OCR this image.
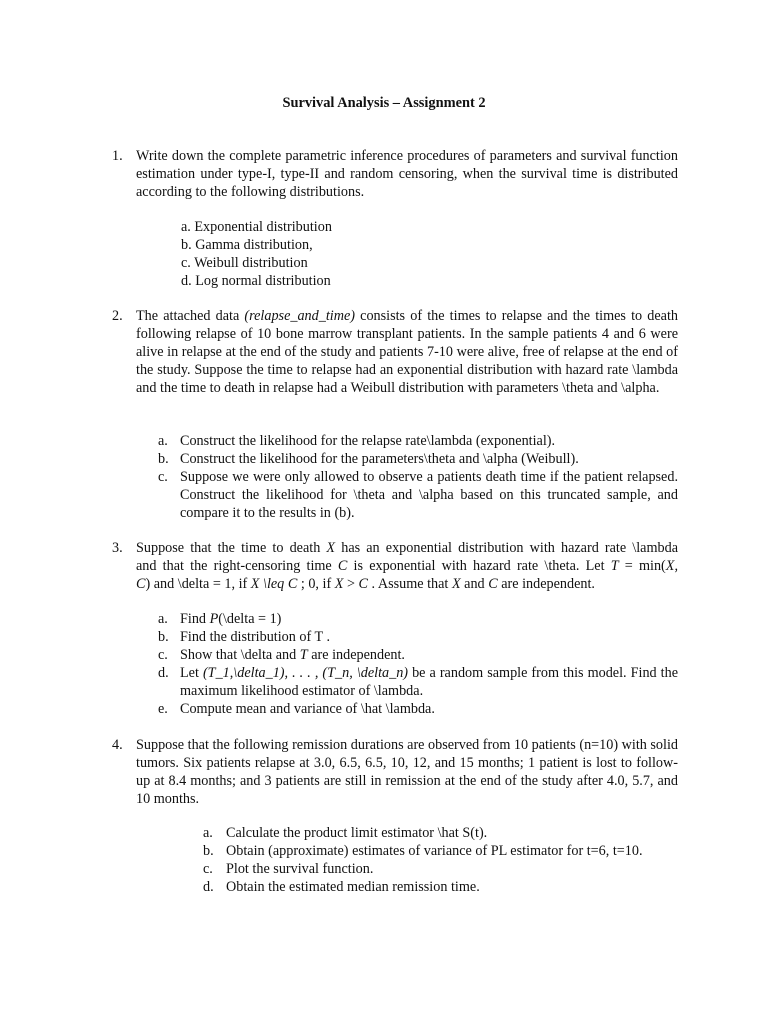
Survival Analysis – Assignment 2
1. Write down the complete parametric inference procedures of parameters and survival function estimation under type-I, type-II and random censoring, when the survival time is distributed according to the following distributions.
a. Exponential distribution
b. Gamma distribution,
c. Weibull distribution
d. Log normal distribution
2. The attached data (relapse_and_time) consists of the times to relapse and the times to death following relapse of 10 bone marrow transplant patients. In the sample patients 4 and 6 were alive in relapse at the end of the study and patients 7-10 were alive, free of relapse at the end of the study. Suppose the time to relapse had an exponential distribution with hazard rate \lambda and the time to death in relapse had a Weibull distribution with parameters \theta and \alpha.
a. Construct the likelihood for the relapse rate\lambda (exponential).
b. Construct the likelihood for the parameters\theta and \alpha (Weibull).
c. Suppose we were only allowed to observe a patients death time if the patient relapsed. Construct the likelihood for \theta and \alpha based on this truncated sample, and compare it to the results in (b).
3. Suppose that the time to death X has an exponential distribution with hazard rate \lambda
and that the right-censoring time C is exponential with hazard rate \theta. Let T = min(X,
C) and \delta = 1, if X \leq C ; 0, if X > C . Assume that X and C are independent.
a. Find P(\delta = 1)
b. Find the distribution of T .
c. Show that \delta and T are independent.
d. Let (T_1,\delta_1), . . . , (T_n, \delta_n) be a random sample from this model. Find the maximum likelihood estimator of \lambda.
e. Compute mean and variance of \hat \lambda.
4. Suppose that the following remission durations are observed from 10 patients (n=10) with solid tumors. Six patients relapse at 3.0, 6.5, 6.5, 10, 12, and 15 months; 1 patient is lost to follow-up at 8.4 months; and 3 patients are still in remission at the end of the study after 4.0, 5.7, and 10 months.
a. Calculate the product limit estimator \hat S(t).
b. Obtain (approximate) estimates of variance of PL estimator for t=6, t=10.
c. Plot the survival function.
d. Obtain the estimated median remission time.
